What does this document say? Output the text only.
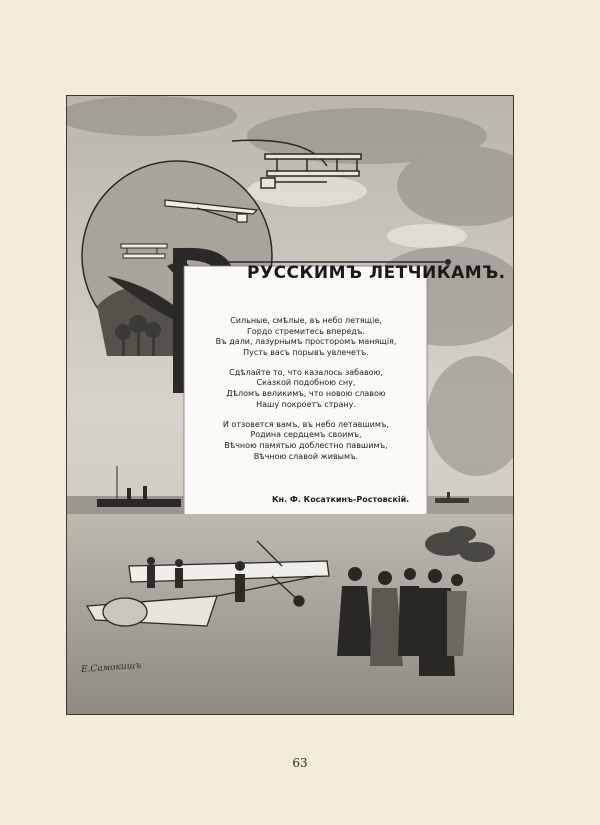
РУССКИМЪ ЛЕТЧИКАМЪ.
Сильные, смѣлые, въ небо летящіе,
Гордо стремитесь впередъ.
Въ дали, лазурнымъ просторомъ манящія,
Пусть васъ порывъ увлечетъ.
Сдѣлайте то, что казалось забавою,
Сказкой подобною сну,
Дѣломъ великимъ, что новою славою
Нашу покроетъ страну.
И отзовется вамъ, въ небо летавшимъ,
Родина сердцемъ своимъ,
Вѣчною памятью доблестно павшимъ,
Вѣчною славой живымъ.
Кн. Ф. Косаткинъ-Ростовскій.
Е.Самокишъ
63
